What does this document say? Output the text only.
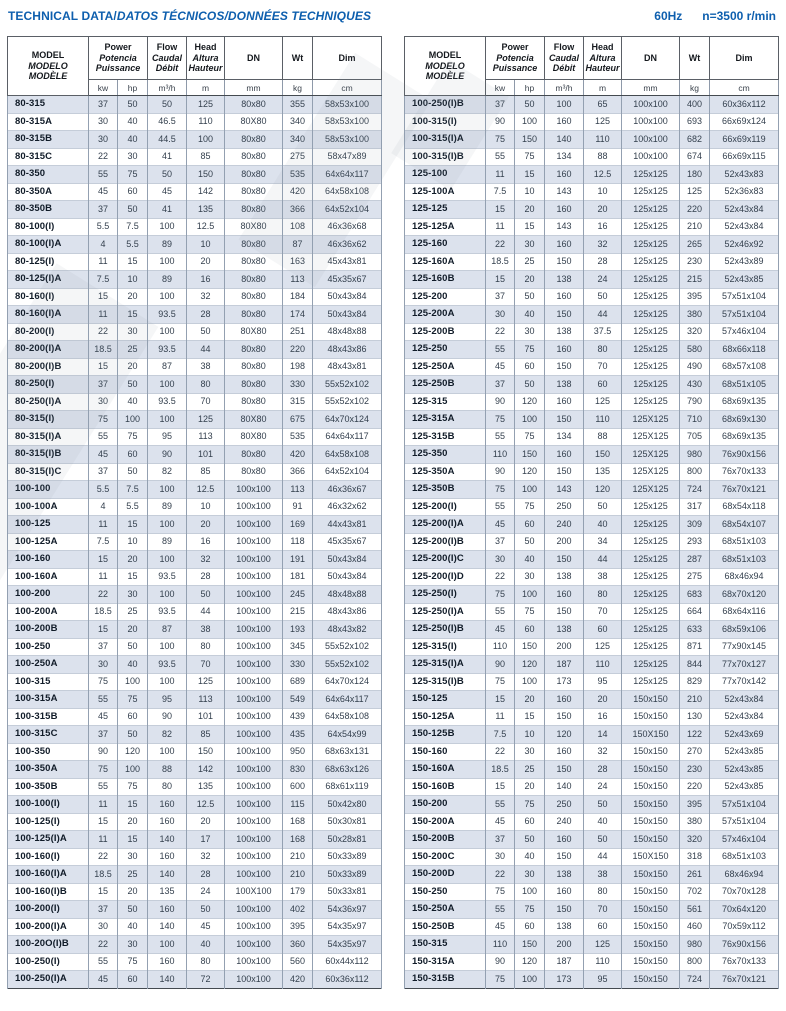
TECHNICAL DATA/DATOS TÉCNICOS/DONNÉES TECHNIQUES	60Hz n=3500 r/min
MODEL
MODELO
MODÈLE	Power
Potencia
Puissance		Flow
Caudal
Débit	Head
Altura
Hauteur	DN	Wt	Dim

	kw	hp	m³/h	m	mm	kg	cm
80-315	37	50	50	125	80x80	355	58x53x100
80-315A	30	40	46.5	110	80X80	340	58x53x100
80-315B	30	40	44.5	100	80x80	340	58x53x100
80-315C	22	30	41	85	80x80	275	58x47x89
80-350	55	75	50	150	80x80	535	64x64x117
80-350A	45	60	45	142	80x80	420	64x58x108
80-350B	37	50	41	135	80x80	366	64x52x104
80-100(I)	5.5	7.5	100	12.5	80X80	108	46x36x68
80-100(I)A	4	5.5	89	10	80x80	87	46x36x62
80-125(I)	11	15	100	20	80x80	163	45x43x81
80-125(I)A	7.5	10	89	16	80x80	113	45x35x67
80-160(I)	15	20	100	32	80x80	184	50x43x84
80-160(I)A	11	15	93.5	28	80x80	174	50x43x84
80-200(I)	22	30	100	50	80X80	251	48x48x88
80-200(I)A	18.5	25	93.5	44	80x80	220	48x43x86
80-200(I)B	15	20	87	38	80x80	198	48x43x81
80-250(I)	37	50	100	80	80x80	330	55x52x102
80-250(I)A	30	40	93.5	70	80x80	315	55x52x102
80-315(I)	75	100	100	125	80X80	675	64x70x124
80-315(I)A	55	75	95	113	80X80	535	64x64x117
80-315(I)B	45	60	90	101	80x80	420	64x58x108
80-315(I)C	37	50	82	85	80x80	366	64x52x104
100-100	5.5	7.5	100	12.5	100x100	113	46x36x67
100-100A	4	5.5	89	10	100x100	91	46x32x62
100-125	11	15	100	20	100x100	169	44x43x81
100-125A	7.5	10	89	16	100x100	118	45x35x67
100-160	15	20	100	32	100x100	191	50x43x84
100-160A	11	15	93.5	28	100x100	181	50x43x84
100-200	22	30	100	50	100x100	245	48x48x88
100-200A	18.5	25	93.5	44	100x100	215	48x43x86
100-200B	15	20	87	38	100x100	193	48x43x82
100-250	37	50	100	80	100x100	345	55x52x102
100-250A	30	40	93.5	70	100x100	330	55x52x102
100-315	75	100	100	125	100x100	689	64x70x124
100-315A	55	75	95	113	100x100	549	64x64x117
100-315B	45	60	90	101	100x100	439	64x58x108
100-315C	37	50	82	85	100x100	435	64x54x99
100-350	90	120	100	150	100x100	950	68x63x131
100-350A	75	100	88	142	100x100	830	68x63x126
100-350B	55	75	80	135	100x100	600	68x61x119
100-100(I)	11	15	160	12.5	100x100	115	50x42x80
100-125(I)	15	20	160	20	100x100	168	50x30x81
100-125(I)A	11	15	140	17	100x100	168	50x28x81
100-160(I)	22	30	160	32	100x100	210	50x33x89
100-160(I)A	18.5	25	140	28	100x100	210	50x33x89
100-160(I)B	15	20	135	24	100X100	179	50x33x81
100-200(I)	37	50	160	50	100x100	402	54x36x97
100-200(I)A	30	40	140	45	100x100	395	54x35x97
100-20O(I)B	22	30	100	40	100x100	360	54x35x97
100-250(I)	55	75	160	80	100x100	560	60x44x112
100-250(I)A	45	60	140	72	100x100	420	60x36x112
MODEL
MODELO
MODÈLE	Power
Potencia
Puissance		Flow
Caudal
Débit	Head
Altura
Hauteur	DN	Wt	Dim

	kw	hp	m³/h	m	mm	kg	cm
100-250(I)B	37	50	100	65	100x100	400	60x36x112
100-315(I)	90	100	160	125	100x100	693	66x69x124
100-315(I)A	75	150	140	110	100x100	682	66x69x119
100-315(I)B	55	75	134	88	100x100	674	66x69x115
125-100	11	15	160	12.5	125x125	180	52x43x83
125-100A	7.5	10	143	10	125x125	125	52x36x83
125-125	15	20	160	20	125x125	220	52x43x84
125-125A	11	15	143	16	125x125	210	52x43x84
125-160	22	30	160	32	125x125	265	52x46x92
125-160A	18.5	25	150	28	125x125	230	52x43x89
125-160B	15	20	138	24	125x125	215	52x43x85
125-200	37	50	160	50	125x125	395	57x51x104
125-200A	30	40	150	44	125x125	380	57x51x104
125-200B	22	30	138	37.5	125x125	320	57x46x104
125-250	55	75	160	80	125x125	580	68x66x118
125-250A	45	60	150	70	125x125	490	68x57x108
125-250B	37	50	138	60	125x125	430	68x51x105
125-315	90	120	160	125	125x125	790	68x69x135
125-315A	75	100	150	110	125X125	710	68x69x130
125-315B	55	75	134	88	125X125	705	68x69x135
125-350	110	150	160	150	125X125	980	76x90x156
125-350A	90	120	150	135	125X125	800	76x70x133
125-350B	75	100	143	120	125X125	724	76x70x121
125-200(I)	55	75	250	50	125x125	317	68x54x118
125-200(I)A	45	60	240	40	125x125	309	68x54x107
125-200(I)B	37	50	200	34	125x125	293	68x51x103
125-200(I)C	30	40	150	44	125x125	287	68x51x103
125-200(I)D	22	30	138	38	125x125	275	68x46x94
125-250(I)	75	100	160	80	125x125	683	68x70x120
125-250(I)A	55	75	150	70	125x125	664	68x64x116
125-250(I)B	45	60	138	60	125x125	633	68x59x106
125-315(I)	110	150	200	125	125x125	871	77x90x145
125-315(I)A	90	120	187	110	125x125	844	77x70x127
125-315(I)B	75	100	173	95	125x125	829	77x70x142
150-125	15	20	160	20	150x150	210	52x43x84
150-125A	11	15	150	16	150x150	130	52x43x84
150-125B	7.5	10	120	14	150X150	122	52x43x69
150-160	22	30	160	32	150x150	270	52x43x85
150-160A	18.5	25	150	28	150x150	230	52x43x85
150-160B	15	20	140	24	150x150	220	52x43x85
150-200	55	75	250	50	150x150	395	57x51x104
150-200A	45	60	240	40	150x150	380	57x51x104
150-200B	37	50	160	50	150x150	320	57x46x104
150-200C	30	40	150	44	150X150	318	68x51x103
150-200D	22	30	138	38	150x150	261	68x46x94
150-250	75	100	160	80	150x150	702	70x70x128
150-250A	55	75	150	70	150x150	561	70x64x120
150-250B	45	60	138	60	150x150	460	70x59x112
150-315	110	150	200	125	150x150	980	76x90x156
150-315A	90	120	187	110	150x150	800	76x70x133
150-315B	75	100	173	95	150x150	724	76x70x121
